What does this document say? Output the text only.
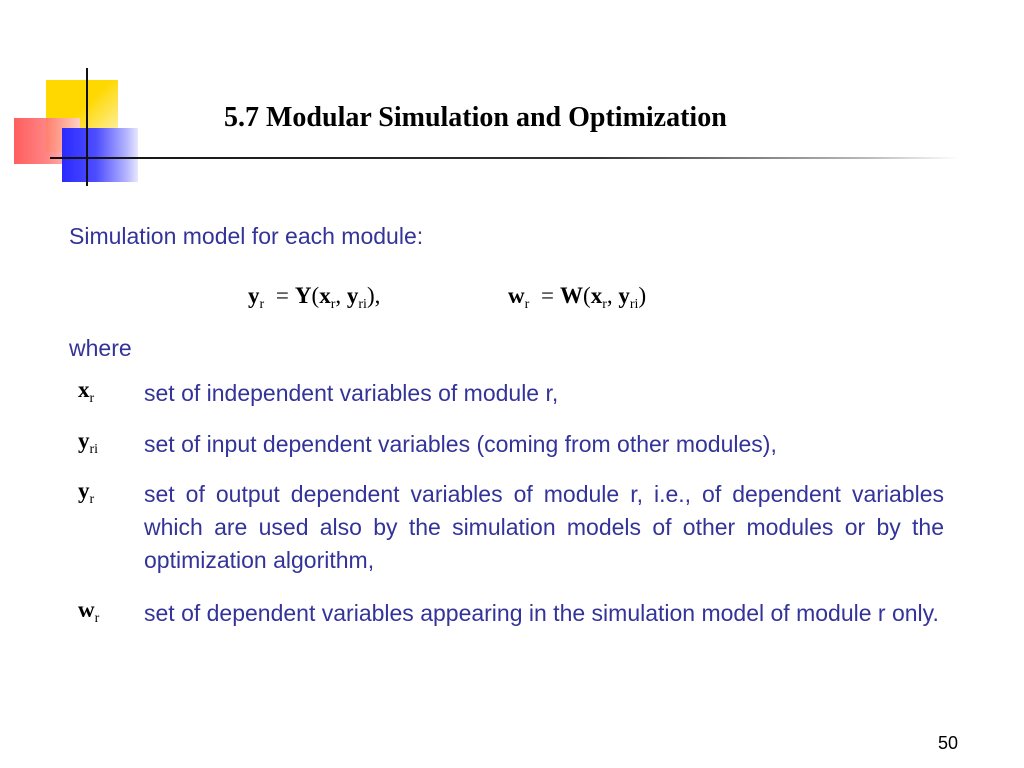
5.7 Modular Simulation and Optimization
Simulation model for each module:
$y_r = Y(x_r$, $y_{ri}$),	$w_r = W(x_r$, $y_{ri}$)
where
$x_r$	set of independent variables of module r,
$y_{ri}$	set of input dependent variables (coming from other modules),
$y_r$	set of output dependent variables of module r, i.e., of dependent variables which are used also by the simulation models of other modules or by the optimization algorithm,
$w_r$	set of dependent variables appearing in the simulation model of module r only.
50
